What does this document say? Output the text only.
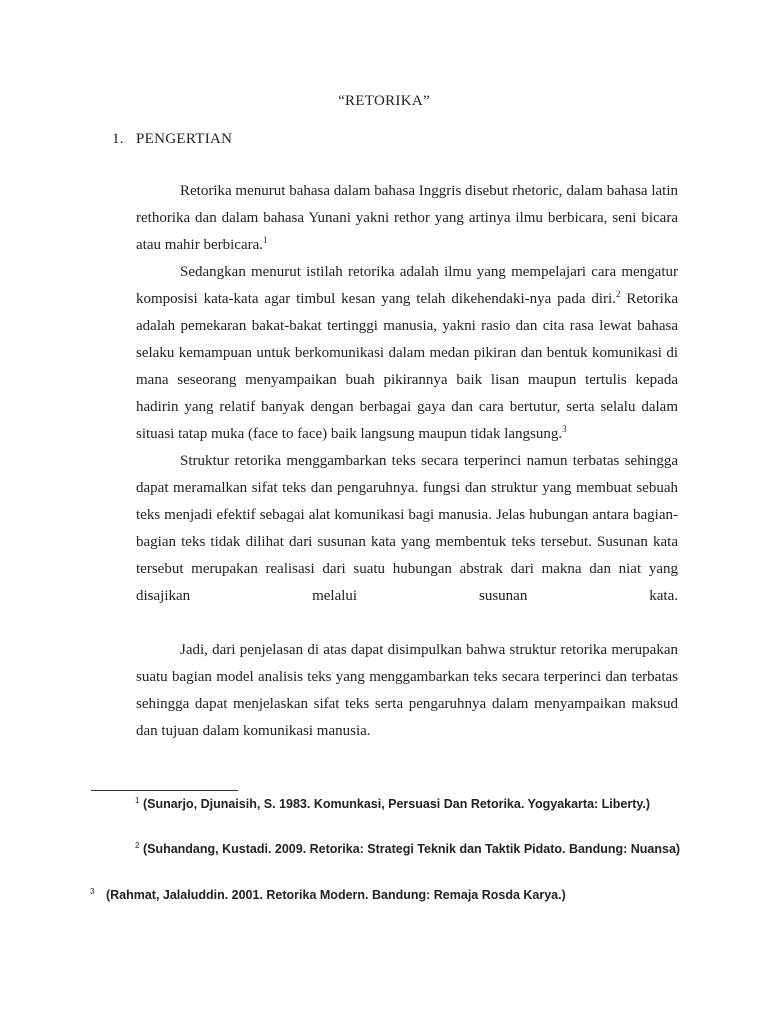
“RETORIKA”
1. PENGERTIAN

Retorika menurut bahasa dalam bahasa Inggris disebut rhetoric, dalam bahasa latin rethorika dan dalam bahasa Yunani yakni rethor yang artinya ilmu berbicara, seni bicara atau mahir berbicara.$^1$

Sedangkan menurut istilah retorika adalah ilmu yang mempelajari cara mengatur komposisi kata-kata agar timbul kesan yang telah dikehendaki-nya pada diri.$^2$ Retorika adalah pemekaran bakat-bakat tertinggi manusia, yakni rasio dan cita rasa lewat bahasa selaku kemampuan untuk berkomunikasi dalam medan pikiran dan bentuk komunikasi di mana seseorang menyampaikan buah pikirannya baik lisan maupun tertulis kepada hadirin yang relatif banyak dengan berbagai gaya dan cara bertutur, serta selalu dalam situasi tatap muka (face to face) baik langsung maupun tidak langsung.$^3$

Struktur retorika menggambarkan teks secara terperinci namun terbatas sehingga dapat meramalkan sifat teks dan pengaruhnya. fungsi dan struktur yang membuat sebuah teks menjadi efektif sebagai alat komunikasi bagi manusia. Jelas hubungan antara bagian-bagian teks tidak dilihat dari susunan kata yang membentuk teks tersebut. Susunan kata tersebut merupakan realisasi dari suatu hubungan abstrak dari makna dan niat yang disajikan melalui susunan kata.

Jadi, dari penjelasan di atas dapat disimpulkan bahwa struktur retorika merupakan suatu bagian model analisis teks yang menggambarkan teks secara terperinci dan terbatas sehingga dapat menjelaskan sifat teks serta pengaruhnya dalam menyampaikan maksud dan tujuan dalam komunikasi manusia.

$^1$ (Sunarjo, Djunaisih, S. 1983. Komunkasi, Persuasi Dan Retorika. Yogyakarta: Liberty.)
$^2$ (Suhandang, Kustadi. 2009. Retorika: Strategi Teknik dan Taktik Pidato. Bandung: Nuansa)
$^3$ (Rahmat, Jalaluddin. 2001. Retorika Modern. Bandung: Remaja Rosda Karya.)
